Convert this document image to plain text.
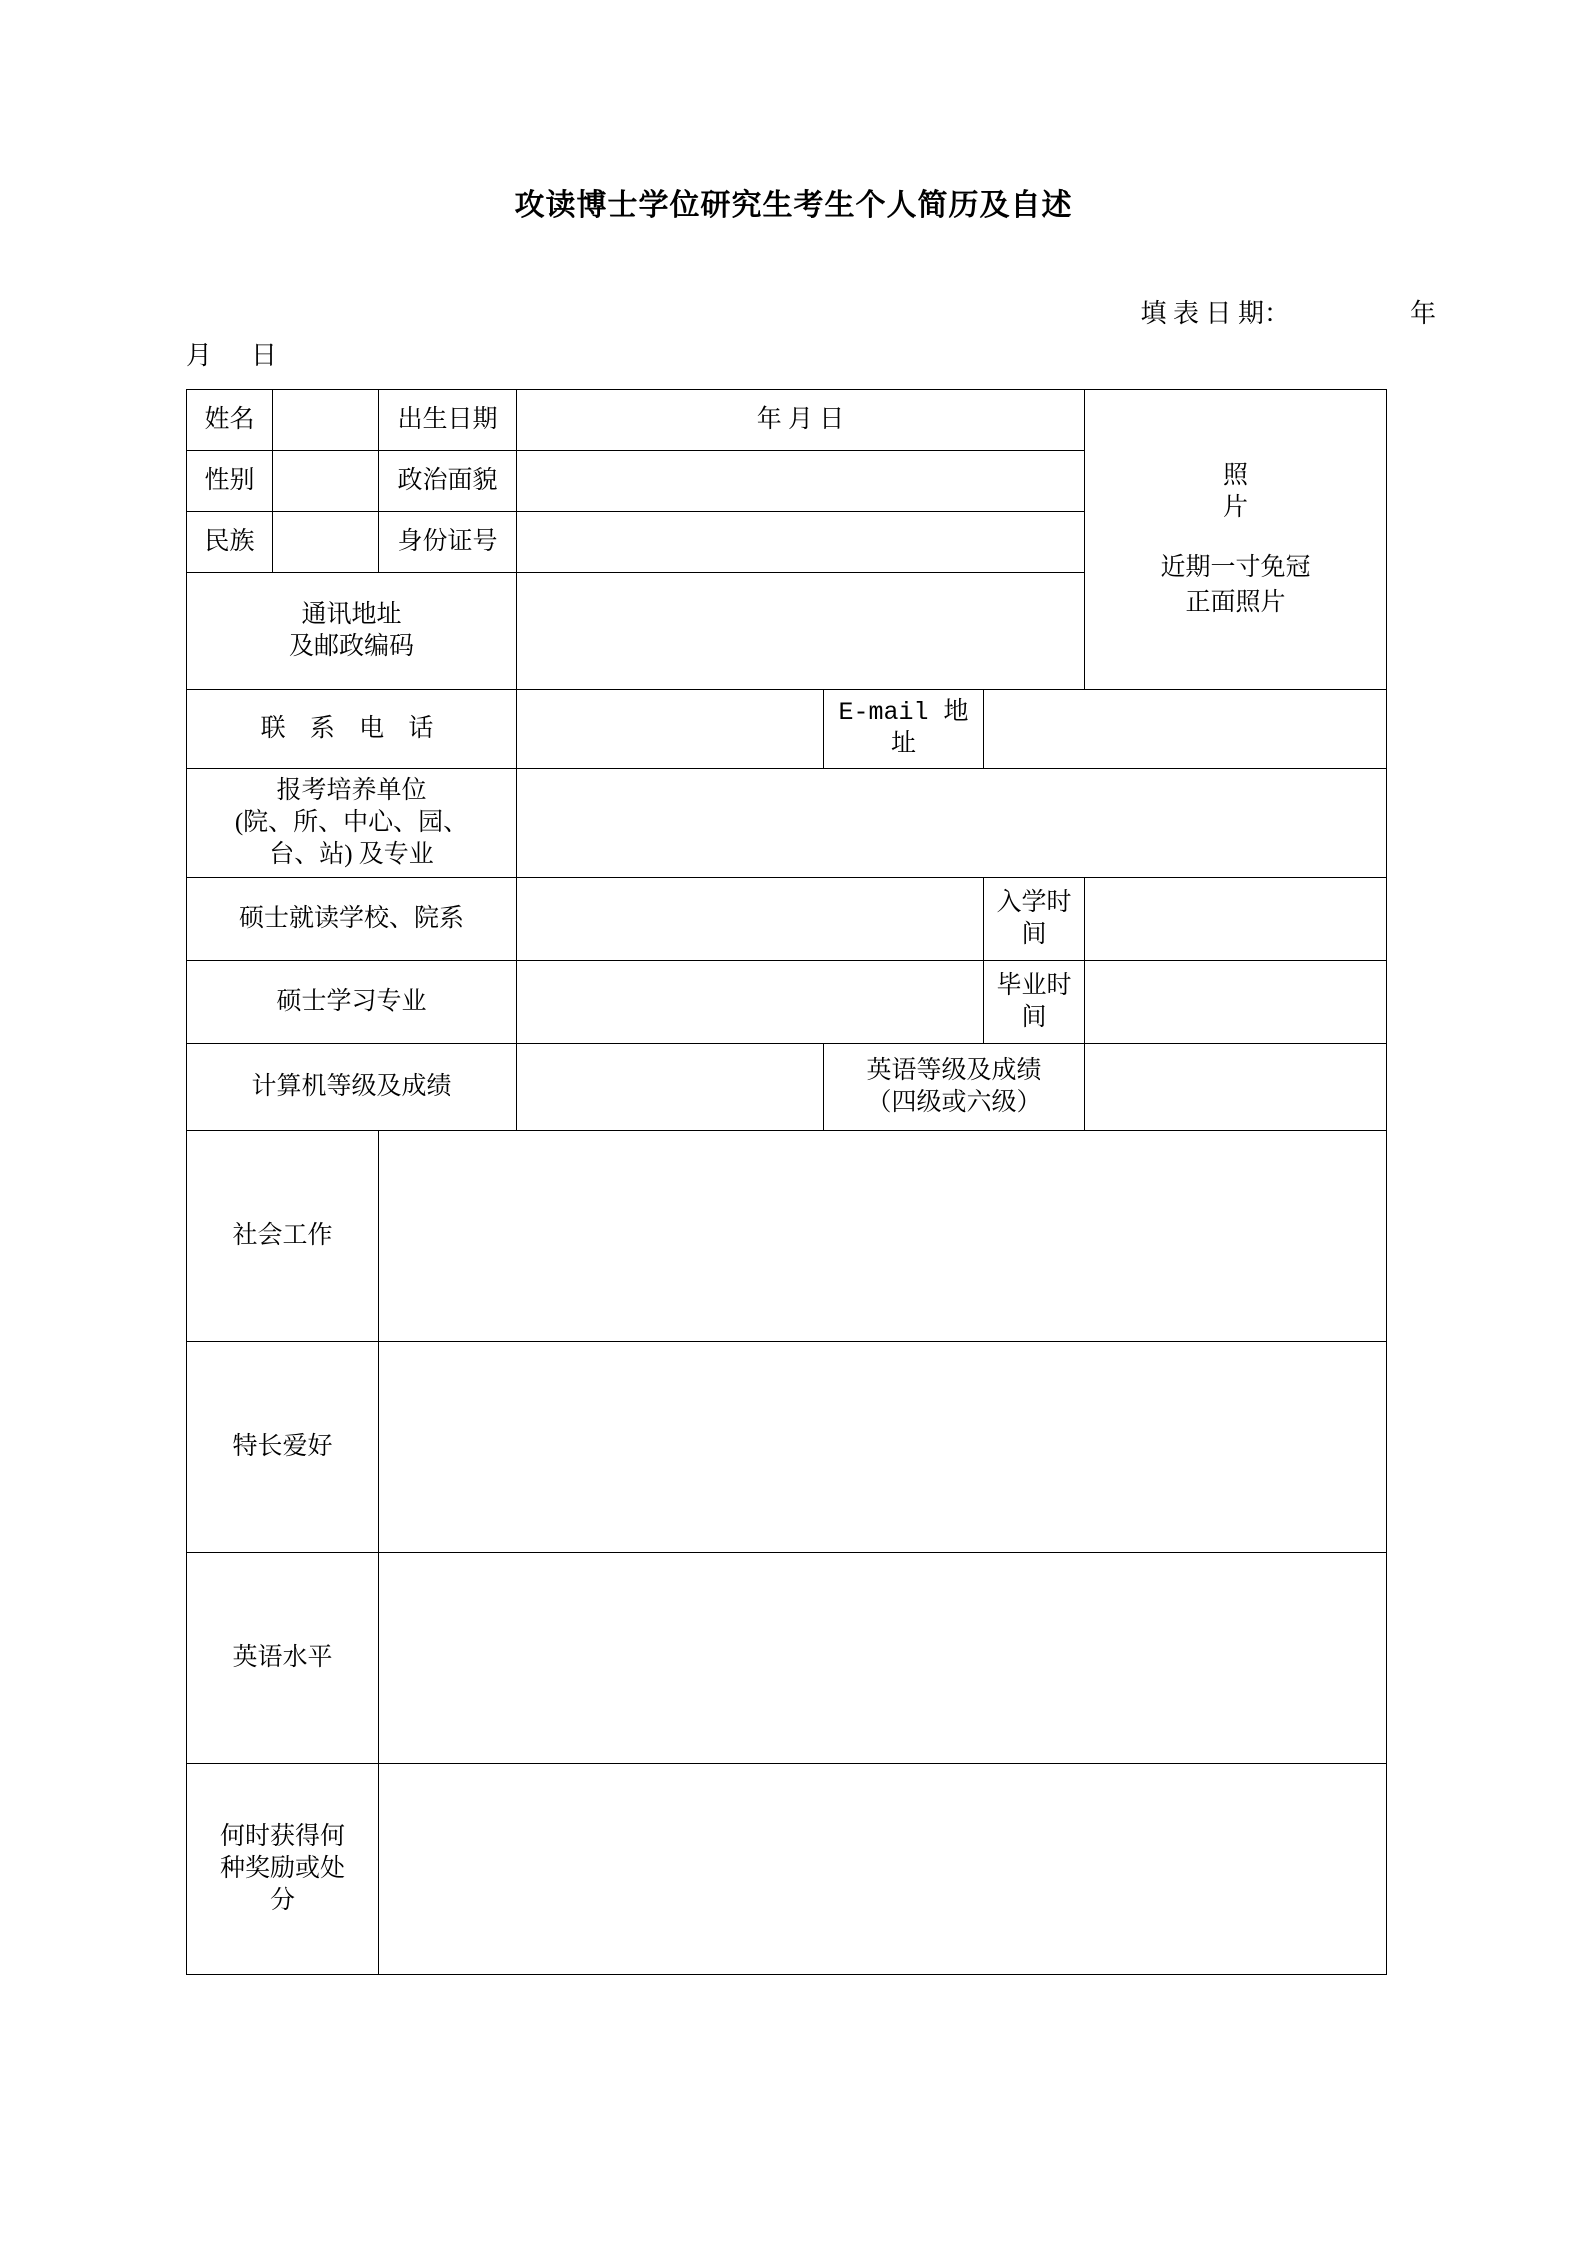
攻读博士学位研究生考生个人简历及自述
填 表 日 期：	年
月      日
姓名		出生日期	年 月 日			照
片
近期一寸免冠
正面照片

性别		政治面貌				
民族		身份证号				

通讯地址
及邮政编码						

联 系 电 话				E-mail 地址		

报考培养单位
(院、所、中心、园、
台、站) 及专业						

硕士就读学校、院系					入学时间	
硕士学习专业					毕业时间	
计算机等级及成绩				英语等级及成绩
（四级或六级）		

社会工作						
特长爱好						
英语水平						

何时获得何
种奖励或处
分						
